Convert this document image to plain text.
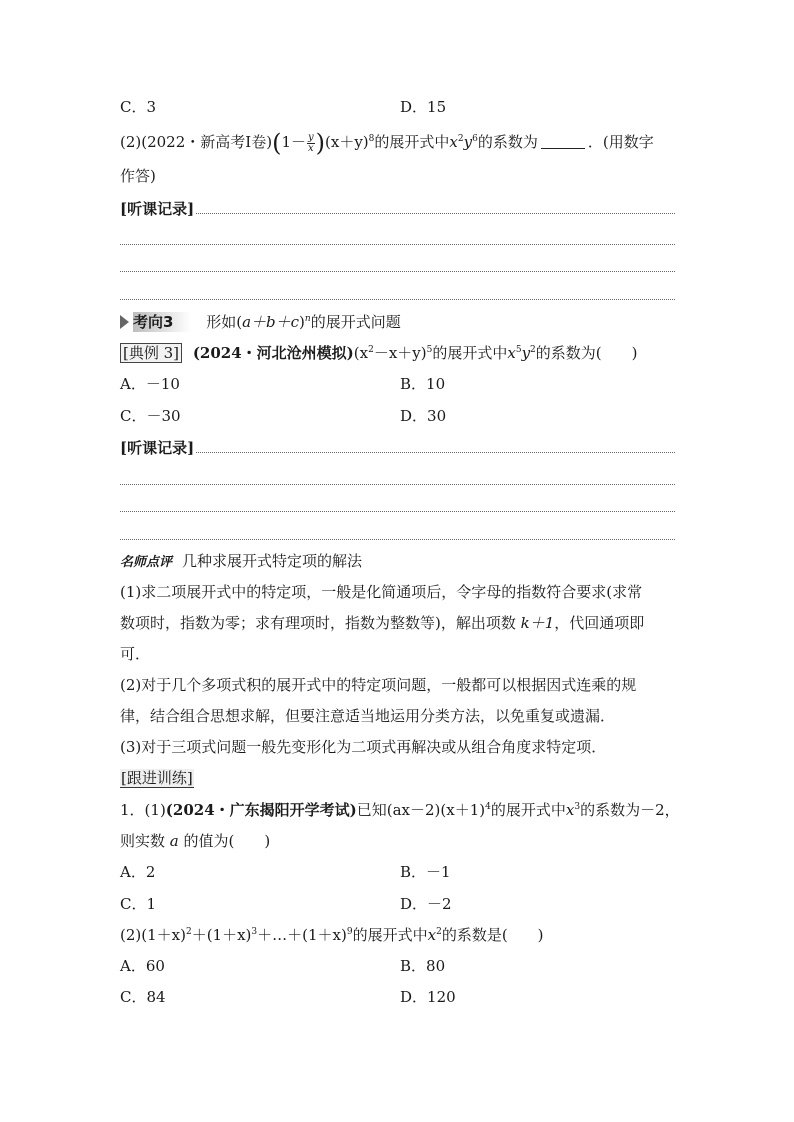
C．3	D．15
(2)(2022・新高考Ⅰ卷)$(1- \frac{y}{x} )(x+y)^8$的展开式中$x^2y^6$的系数为	．(用数字
作答)
[听课记录]
考向3 形如$(a+b+c)^n$的展开式问题
[典例 3] (2024・河北沧州模拟)$(x^2-x+y)^5$的展开式中$x^5y^2$的系数为(　　)
A．－10	B．10
C．－30	D．30
[听课记录]
名师点评 几种求展开式特定项的解法
(1)求二项展开式中的特定项，一般是化简通项后，令字母的指数符合要求(求常
数项时，指数为零；求有理项时，指数为整数等)，解出项数 k＋1，代回通项即
可．
(2)对于几个多项式积的展开式中的特定项问题，一般都可以根据因式连乘的规
律，结合组合思想求解，但要注意适当地运用分类方法，以免重复或遗漏．
(3)对于三项式问题一般先变形化为二项式再解决或从组合角度求特定项．
[跟进训练]
1．(1)(2024・广东揭阳开学考试)已知$(ax-2)(x+1)^4$的展开式中$x^3$的系数为－2，
则实数 a 的值为(　　)
A．2	B．－1
C．1	D．－2
$(2)(1+x)^2+(1+x)^3+\dots+(1+x)^9$的展开式中$x^2$的系数是(　　)
A．60	B．80
C．84	D．120
